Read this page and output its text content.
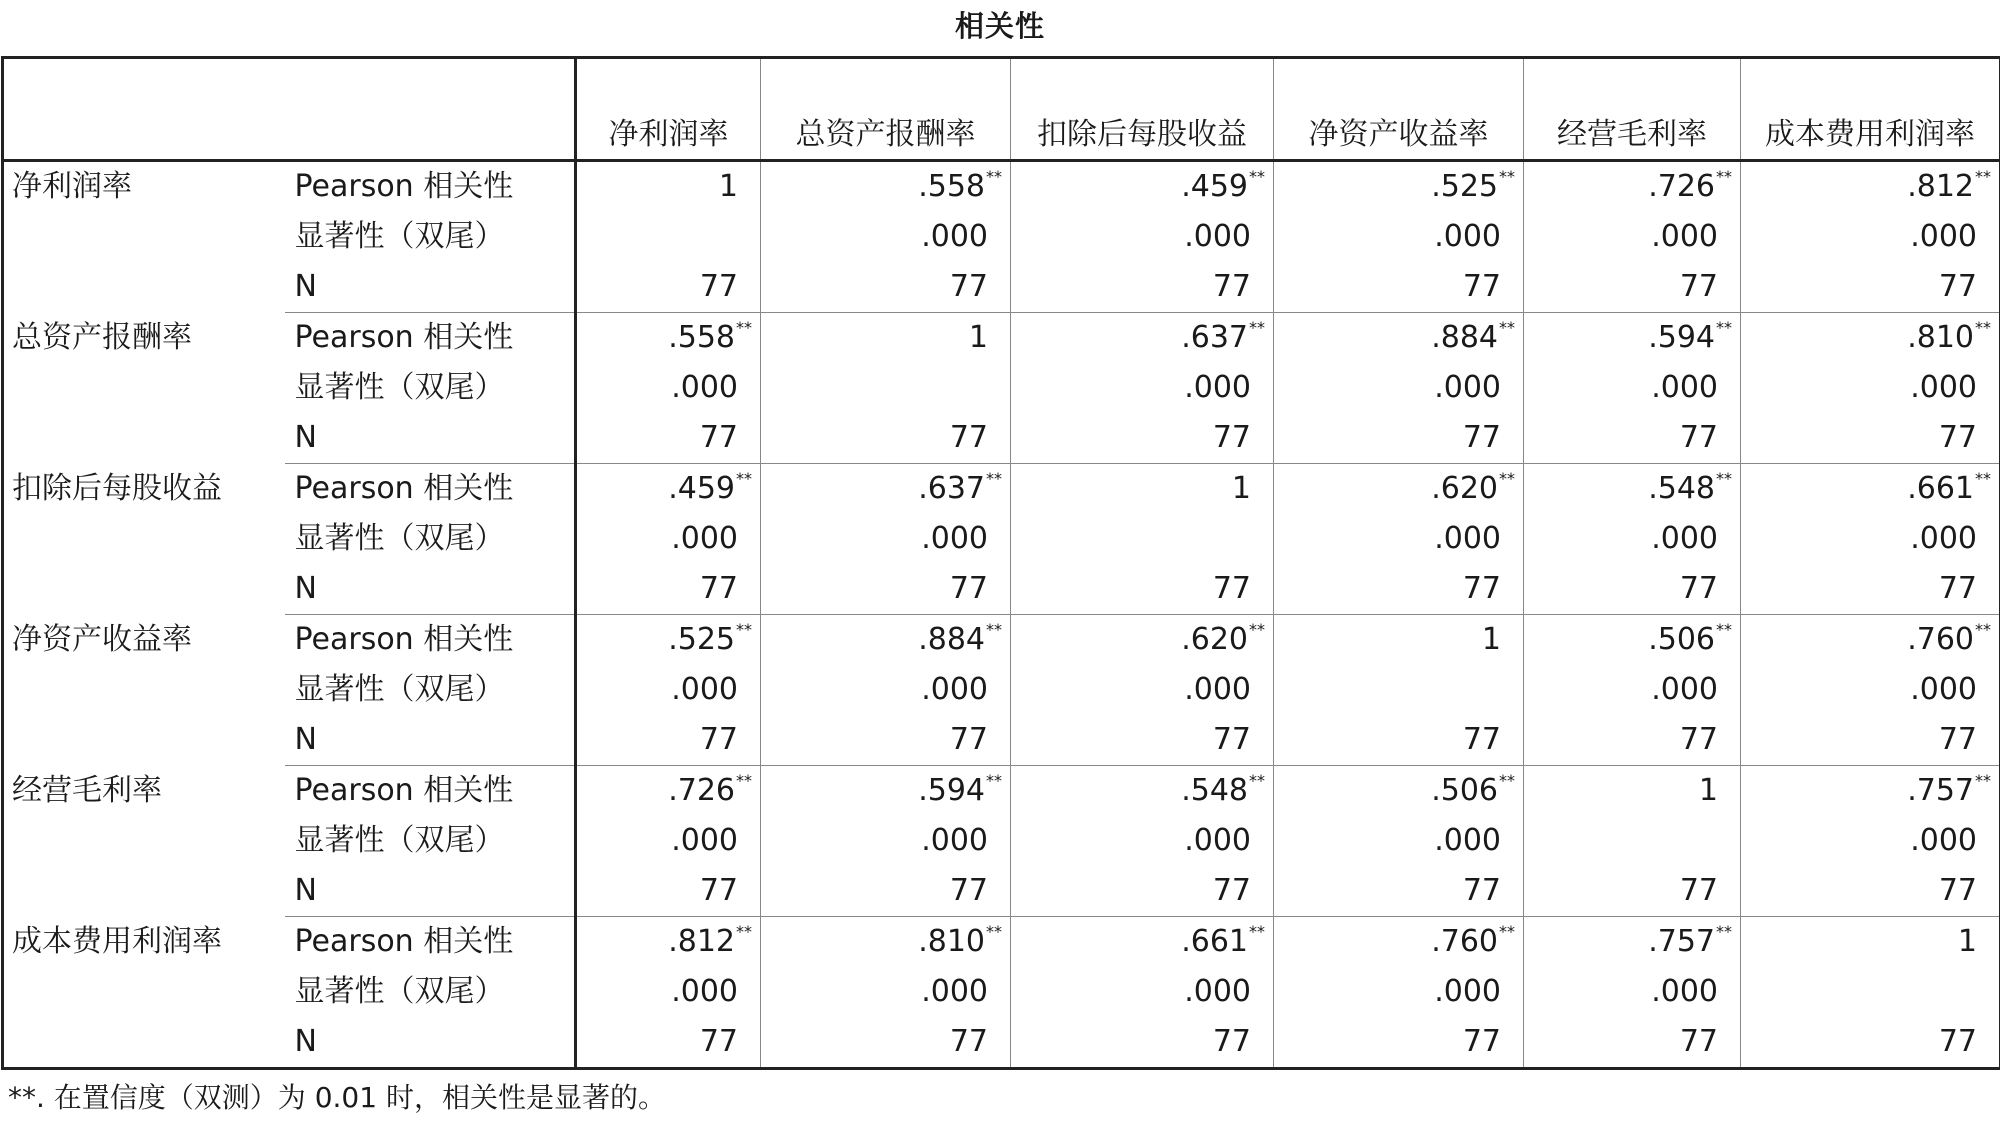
相关性
		净利润率	总资产报酬率	扣除后每股收益	净资产收益率	经营毛利率	成本费用利润率
净利润率	Pearson 相关性	1	.558**	.459**	.525**	.726**	.812**
	显著性（双尾）		.000	.000	.000	.000	.000
	N	77	77	77	77	77	77
总资产报酬率	Pearson 相关性	.558**	1	.637**	.884**	.594**	.810**
	显著性（双尾）	.000		.000	.000	.000	.000
	N	77	77	77	77	77	77
扣除后每股收益	Pearson 相关性	.459**	.637**	1	.620**	.548**	.661**
	显著性（双尾）	.000	.000		.000	.000	.000
	N	77	77	77	77	77	77
净资产收益率	Pearson 相关性	.525**	.884**	.620**	1	.506**	.760**
	显著性（双尾）	.000	.000	.000		.000	.000
	N	77	77	77	77	77	77
经营毛利率	Pearson 相关性	.726**	.594**	.548**	.506**	1	.757**
	显著性（双尾）	.000	.000	.000	.000		.000
	N	77	77	77	77	77	77
成本费用利润率	Pearson 相关性	.812**	.810**	.661**	.760**	.757**	1
	显著性（双尾）	.000	.000	.000	.000	.000	
	N	77	77	77	77	77	77
**. 在置信度（双测）为 0.01 时，相关性是显著的。
